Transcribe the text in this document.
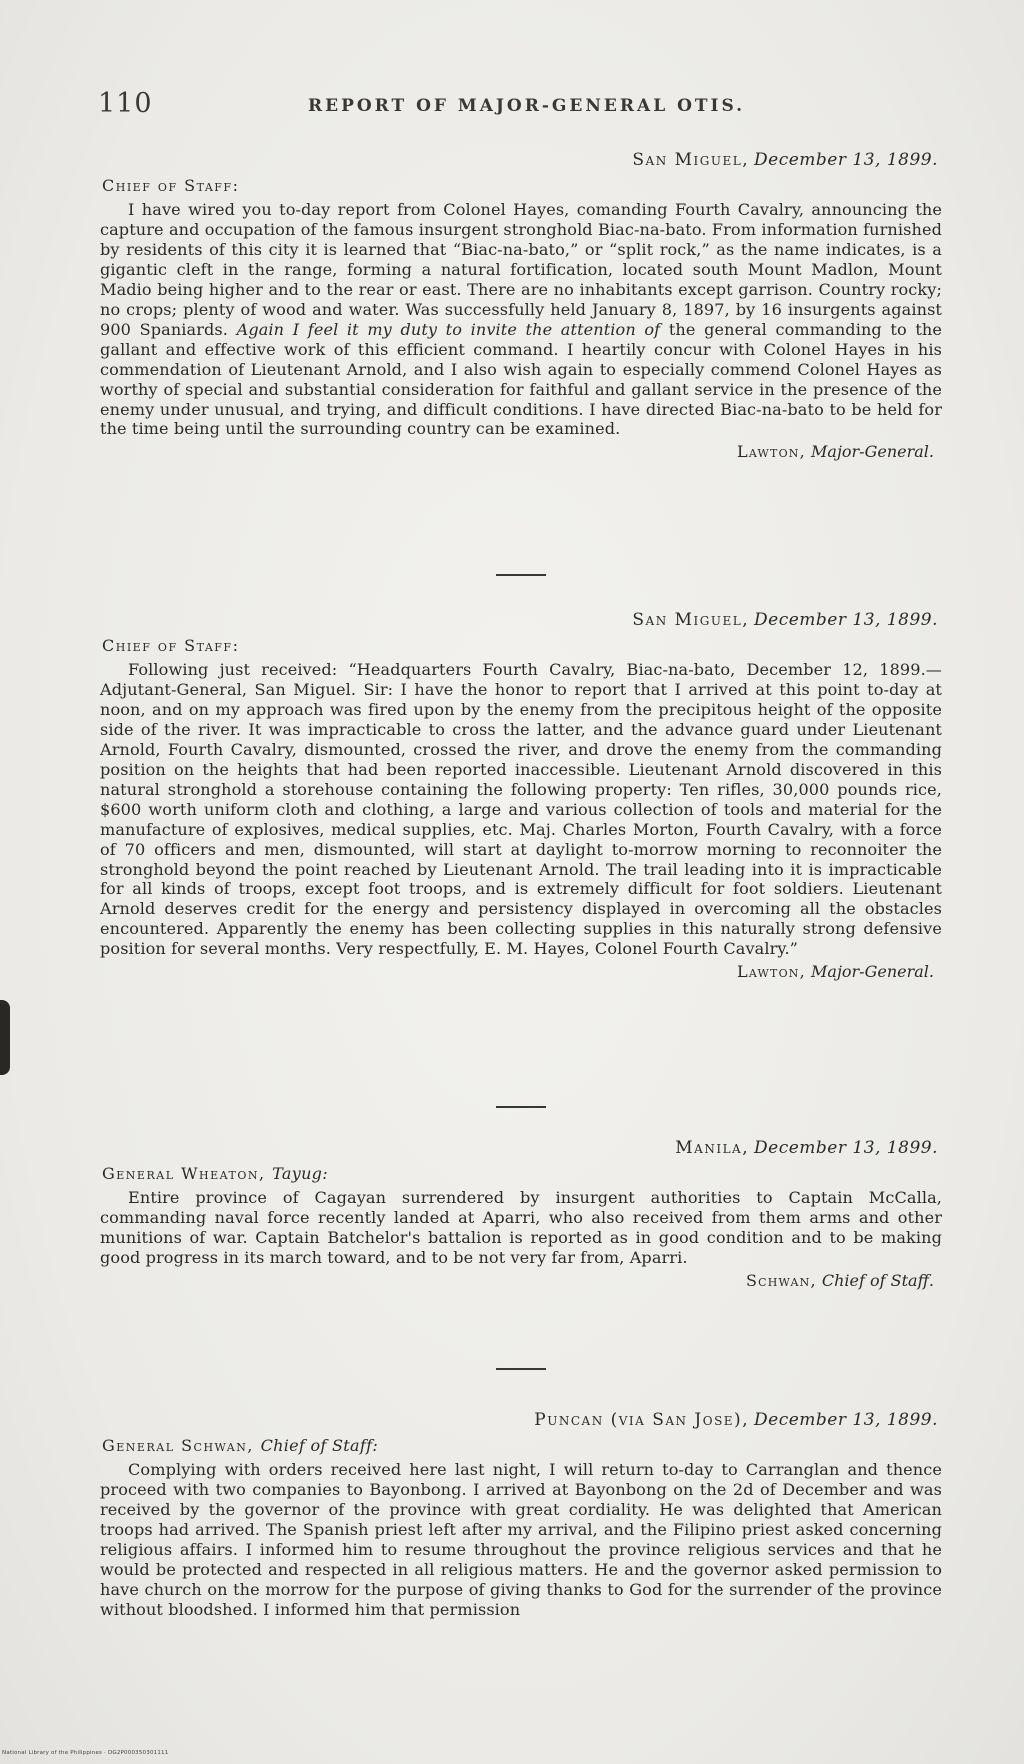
110	REPORT OF MAJOR-GENERAL OTIS.
San Miguel, December 13, 1899.
Chief of Staff:

I have wired you to-day report from Colonel Hayes, comanding Fourth Cavalry, announcing the capture and occupation of the famous insurgent stronghold Biac-na-bato. From information furnished by residents of this city it is learned that “Biac-na-bato,” or “split rock,” as the name indicates, is a gigantic cleft in the range, forming a natural fortification, located south Mount Madlon, Mount Madio being higher and to the rear or east. There are no inhabitants except garrison. Country rocky; no crops; plenty of wood and water. Was successfully held January 8, 1897, by 16 insurgents against 900 Spaniards. Again I feel it my duty to invite the attention of the general commanding to the gallant and effective work of this efficient command. I heartily concur with Colonel Hayes in his commendation of Lieutenant Arnold, and I also wish again to especially commend Colonel Hayes as worthy of special and substantial consideration for faithful and gallant service in the presence of the enemy under unusual, and trying, and difficult conditions. I have directed Biac-na-bato to be held for the time being until the surrounding country can be examined.

Lawton, Major-General.
San Miguel, December 13, 1899.
Chief of Staff:

Following just received: “Headquarters Fourth Cavalry, Biac-na-bato, December 12, 1899.—Adjutant-General, San Miguel. Sir: I have the honor to report that I arrived at this point to-day at noon, and on my approach was fired upon by the enemy from the precipitous height of the opposite side of the river. It was impracticable to cross the latter, and the advance guard under Lieutenant Arnold, Fourth Cavalry, dismounted, crossed the river, and drove the enemy from the commanding position on the heights that had been reported inaccessible. Lieutenant Arnold discovered in this natural stronghold a storehouse containing the following property: Ten rifles, 30,000 pounds rice, $600 worth uniform cloth and clothing, a large and various collection of tools and material for the manufacture of explosives, medical supplies, etc. Maj. Charles Morton, Fourth Cavalry, with a force of 70 officers and men, dismounted, will start at daylight to-morrow morning to reconnoiter the stronghold beyond the point reached by Lieutenant Arnold. The trail leading into it is impracticable for all kinds of troops, except foot troops, and is extremely difficult for foot soldiers. Lieutenant Arnold deserves credit for the energy and persistency displayed in overcoming all the obstacles encountered. Apparently the enemy has been collecting supplies in this naturally strong defensive position for several months. Very respectfully, E. M. Hayes, Colonel Fourth Cavalry.”

Lawton, Major-General.
Manila, December 13, 1899.
General Wheaton, Tayug:

Entire province of Cagayan surrendered by insurgent authorities to Captain McCalla, commanding naval force recently landed at Aparri, who also received from them arms and other munitions of war. Captain Batchelor's battalion is reported as in good condition and to be making good progress in its march toward, and to be not very far from, Aparri.

Schwan, Chief of Staff.
Puncan (via San Jose), December 13, 1899.
General Schwan, Chief of Staff:

Complying with orders received here last night, I will return to-day to Carranglan and thence proceed with two companies to Bayonbong. I arrived at Bayonbong on the 2d of December and was received by the governor of the province with great cordiality. He was delighted that American troops had arrived. The Spanish priest left after my arrival, and the Filipino priest asked concerning religious affairs. I informed him to resume throughout the province religious services and that he would be protected and respected in all religious matters. He and the governor asked permission to have church on the morrow for the purpose of giving thanks to God for the surrender of the province without bloodshed. I informed him that permission

National Library of the Philippines · DG2P000350301111
